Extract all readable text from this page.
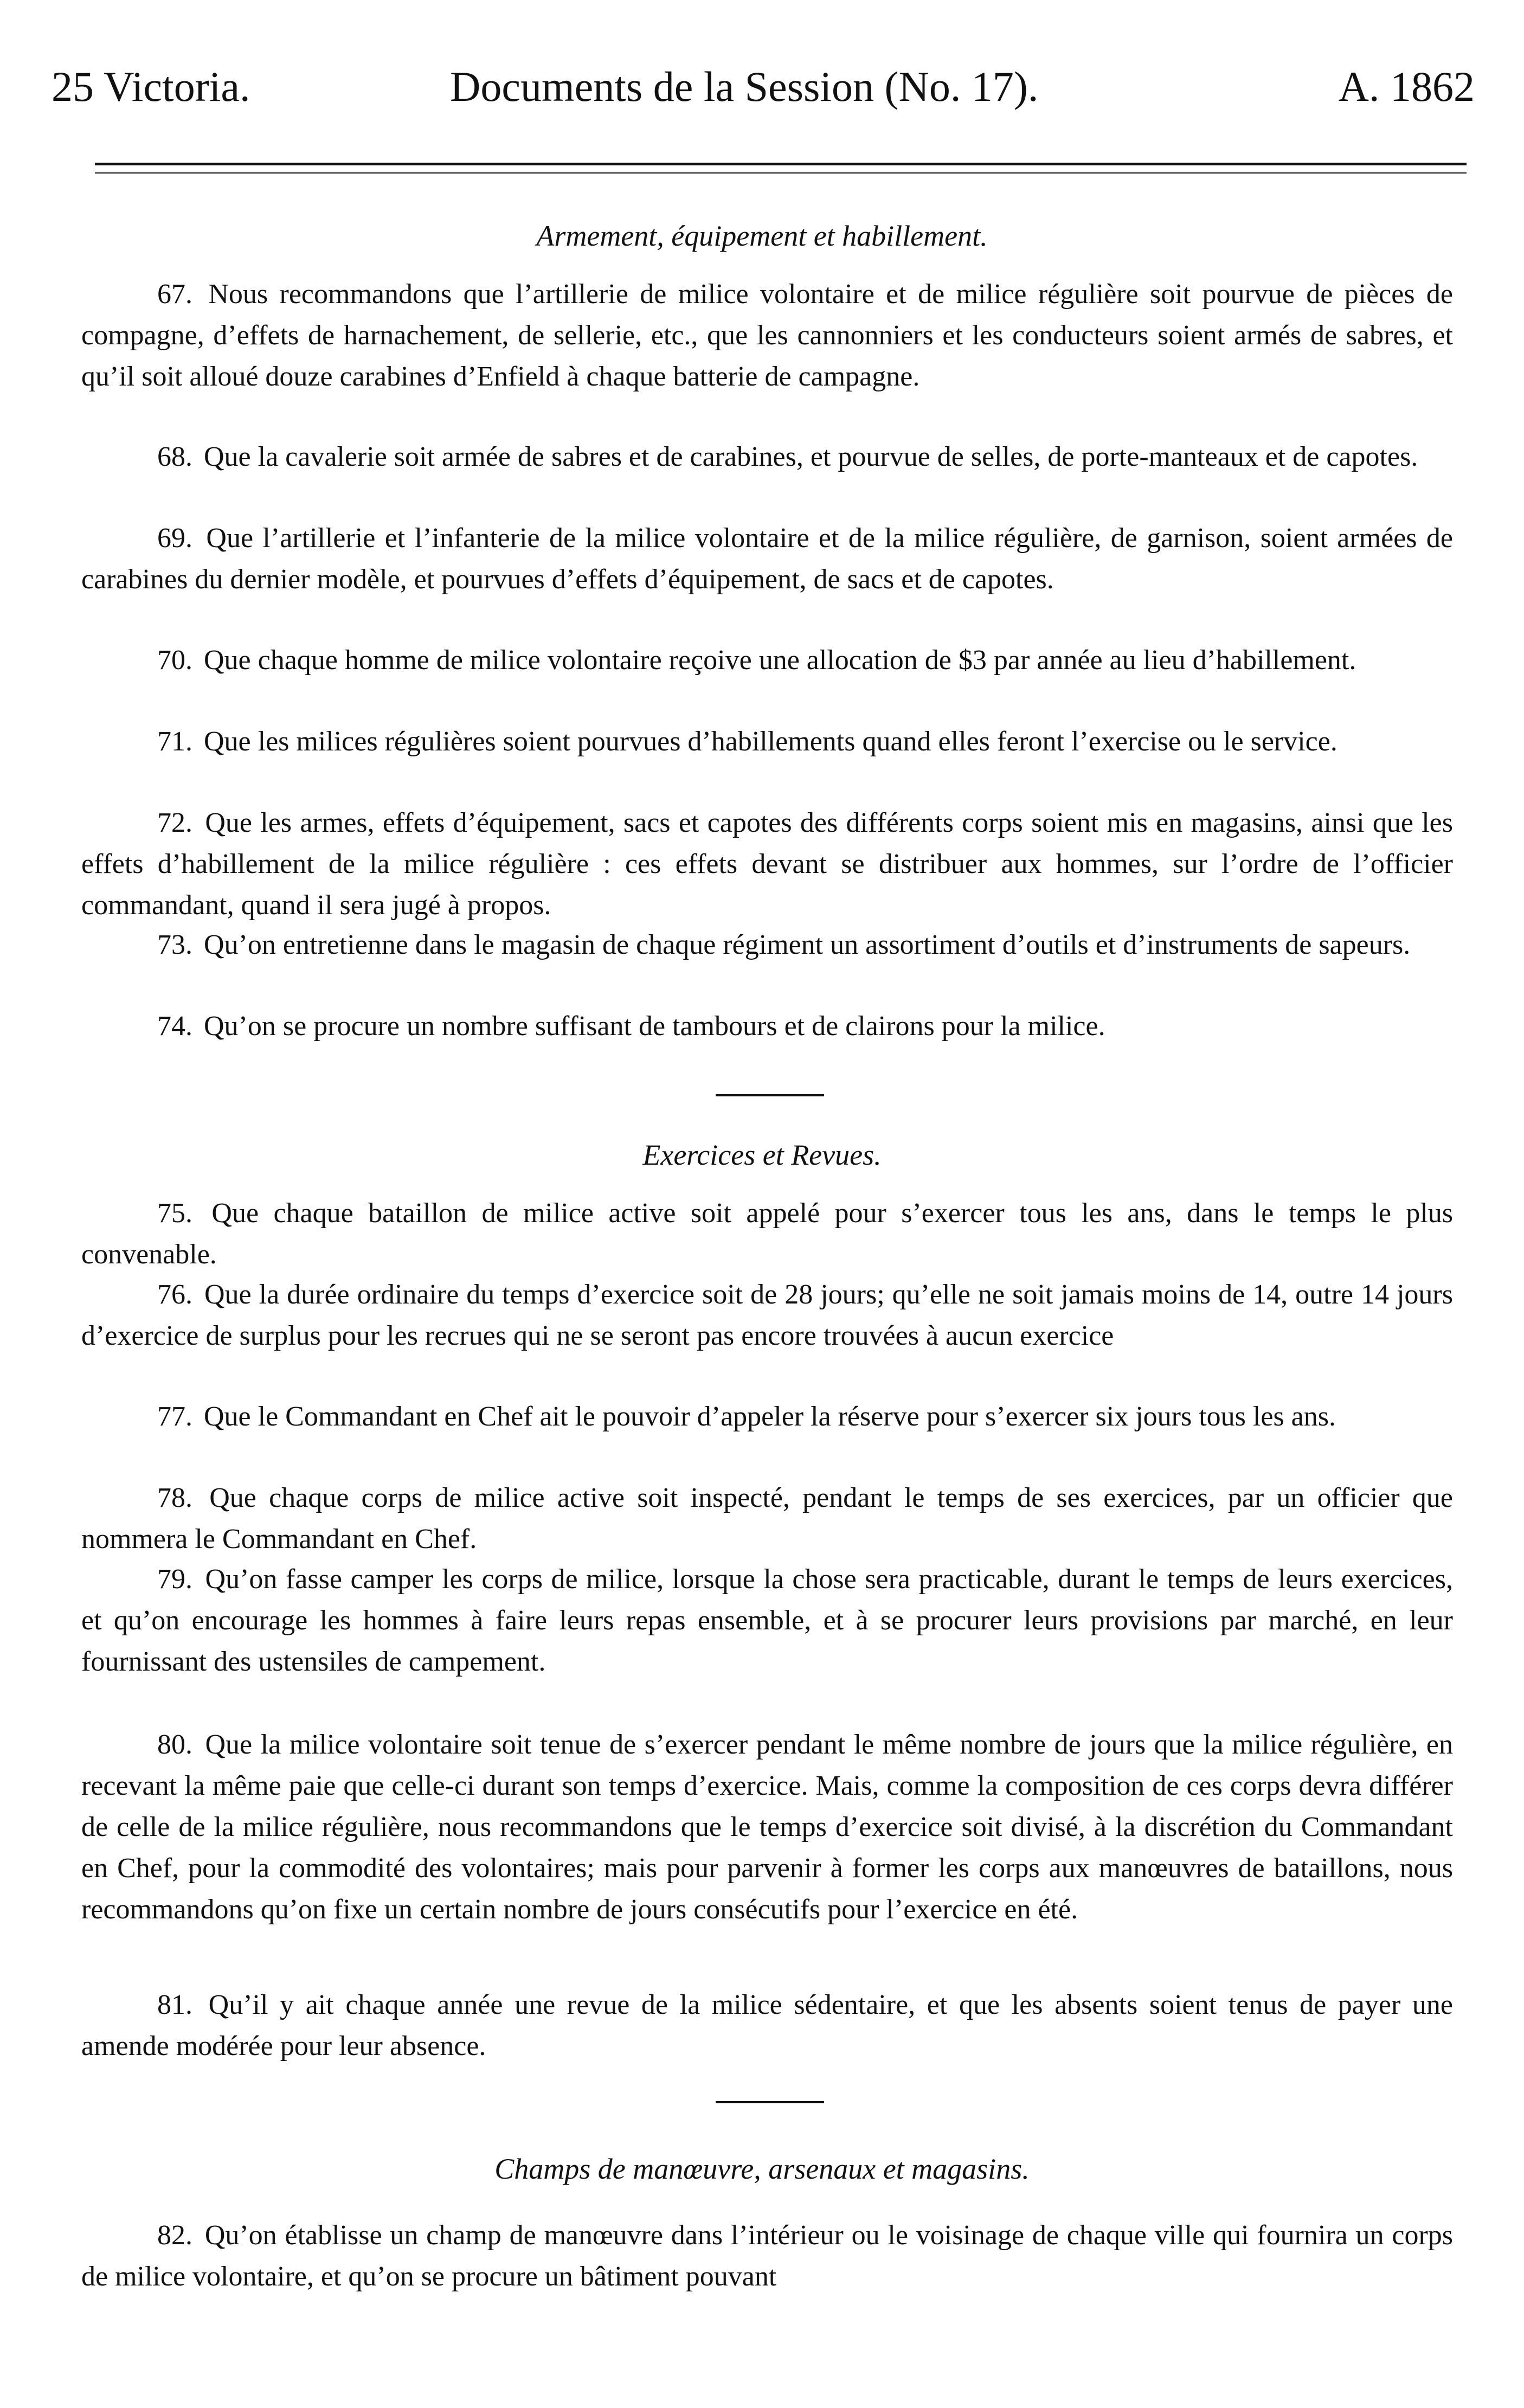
25 Victoria.	Documents de la Session (No. 17).	A. 1862
Armement, équipement et habillement.
67. Nous recommandons que l’artillerie de milice volontaire et de milice régulière soit pourvue de pièces de compagne, d’effets de harnachement, de sellerie, etc., que les cannonniers et les conducteurs soient armés de sabres, et qu’il soit alloué douze carabines d’Enfield à chaque batterie de campagne.
68. Que la cavalerie soit armée de sabres et de carabines, et pourvue de selles, de porte-manteaux et de capotes.
69. Que l’artillerie et l’infanterie de la milice volontaire et de la milice régulière, de garnison, soient armées de carabines du dernier modèle, et pourvues d’effets d’équipement, de sacs et de capotes.
70. Que chaque homme de milice volontaire reçoive une allocation de $3 par année au lieu d’habillement.
71. Que les milices régulières soient pourvues d’habillements quand elles feront l’exercise ou le service.
72. Que les armes, effets d’équipement, sacs et capotes des différents corps soient mis en magasins, ainsi que les effets d’habillement de la milice régulière : ces effets devant se distribuer aux hommes, sur l’ordre de l’officier commandant, quand il sera jugé à propos.
73. Qu’on entretienne dans le magasin de chaque régiment un assortiment d’outils et d’instruments de sapeurs.
74. Qu’on se procure un nombre suffisant de tambours et de clairons pour la milice.
Exercices et Revues.
75. Que chaque bataillon de milice active soit appelé pour s’exercer tous les ans, dans le temps le plus convenable.
76. Que la durée ordinaire du temps d’exercice soit de 28 jours; qu’elle ne soit jamais moins de 14, outre 14 jours d’exercice de surplus pour les recrues qui ne se seront pas encore trouvées à aucun exercice
77. Que le Commandant en Chef ait le pouvoir d’appeler la réserve pour s’exercer six jours tous les ans.
78. Que chaque corps de milice active soit inspecté, pendant le temps de ses exercices, par un officier que nommera le Commandant en Chef.
79. Qu’on fasse camper les corps de milice, lorsque la chose sera practicable, durant le temps de leurs exercices, et qu’on encourage les hommes à faire leurs repas ensemble, et à se procurer leurs provisions par marché, en leur fournissant des ustensiles de campement.
80. Que la milice volontaire soit tenue de s’exercer pendant le même nombre de jours que la milice régulière, en recevant la même paie que celle-ci durant son temps d’exercice. Mais, comme la composition de ces corps devra différer de celle de la milice régulière, nous recommandons que le temps d’exercice soit divisé, à la discrétion du Commandant en Chef, pour la commodité des volontaires; mais pour parvenir à former les corps aux manœuvres de bataillons, nous recommandons qu’on fixe un certain nombre de jours consécutifs pour l’exercice en été.
81. Qu’il y ait chaque année une revue de la milice sédentaire, et que les absents soient tenus de payer une amende modérée pour leur absence.
Champs de manœuvre, arsenaux et magasins.
82. Qu’on établisse un champ de manœuvre dans l’intérieur ou le voisinage de chaque ville qui fournira un corps de milice volontaire, et qu’on se procure un bâtiment pouvant
